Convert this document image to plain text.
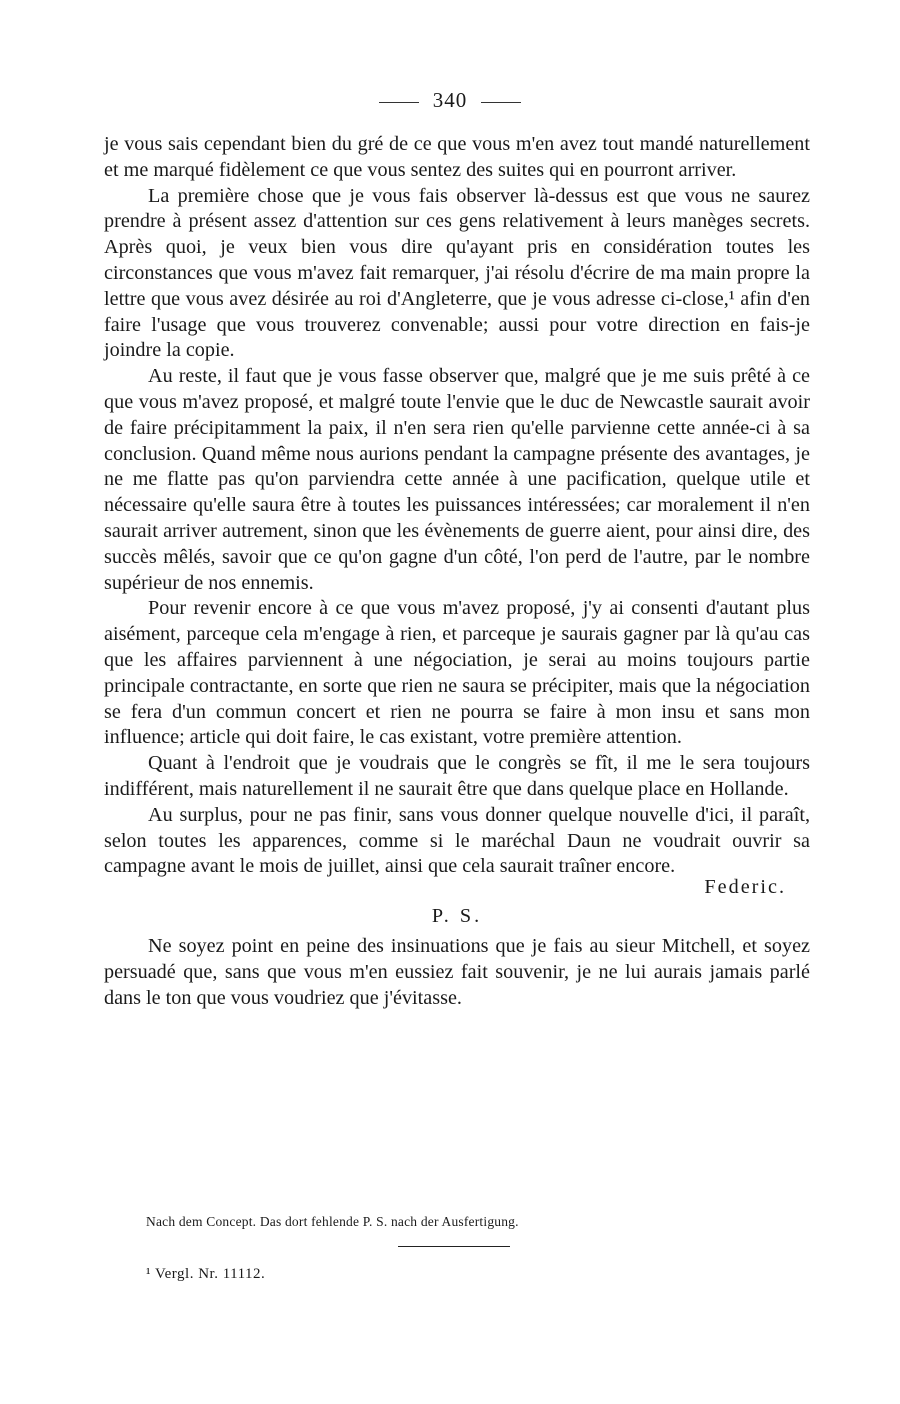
340

je vous sais cependant bien du gré de ce que vous m'en avez tout mandé naturellement et me marqué fidèlement ce que vous sentez des suites qui en pourront arriver.

La première chose que je vous fais observer là-dessus est que vous ne saurez prendre à présent assez d'attention sur ces gens relativement à leurs manèges secrets. Après quoi, je veux bien vous dire qu'ayant pris en considération toutes les circonstances que vous m'avez fait remarquer, j'ai résolu d'écrire de ma main propre la lettre que vous avez désirée au roi d'Angleterre, que je vous adresse ci-close,¹ afin d'en faire l'usage que vous trouverez convenable; aussi pour votre direction en fais-je joindre la copie.

Au reste, il faut que je vous fasse observer que, malgré que je me suis prêté à ce que vous m'avez proposé, et malgré toute l'envie que le duc de Newcastle saurait avoir de faire précipitamment la paix, il n'en sera rien qu'elle parvienne cette année-ci à sa conclusion. Quand même nous aurions pendant la campagne présente des avantages, je ne me flatte pas qu'on parviendra cette année à une pacification, quelque utile et nécessaire qu'elle saura être à toutes les puissances intéressées; car moralement il n'en saurait arriver autrement, sinon que les évènements de guerre aient, pour ainsi dire, des succès mêlés, savoir que ce qu'on gagne d'un côté, l'on perd de l'autre, par le nombre supérieur de nos ennemis.

Pour revenir encore à ce que vous m'avez proposé, j'y ai consenti d'autant plus aisément, parceque cela m'engage à rien, et parceque je saurais gagner par là qu'au cas que les affaires parviennent à une négociation, je serai au moins toujours partie principale contractante, en sorte que rien ne saura se précipiter, mais que la négociation se fera d'un commun concert et rien ne pourra se faire à mon insu et sans mon influence; article qui doit faire, le cas existant, votre première attention.

Quant à l'endroit que je voudrais que le congrès se fît, il me le sera toujours indifférent, mais naturellement il ne saurait être que dans quelque place en Hollande.

Au surplus, pour ne pas finir, sans vous donner quelque nouvelle d'ici, il paraît, selon toutes les apparences, comme si le maréchal Daun ne voudrait ouvrir sa campagne avant le mois de juillet, ainsi que cela saurait traîner encore.

Federic.
P. S.

Ne soyez point en peine des insinuations que je fais au sieur Mitchell, et soyez persuadé que, sans que vous m'en eussiez fait souvenir, je ne lui aurais jamais parlé dans le ton que vous voudriez que j'évitasse.

Nach dem Concept. Das dort fehlende P. S. nach der Ausfertigung.
¹ Vergl. Nr. 11112.
